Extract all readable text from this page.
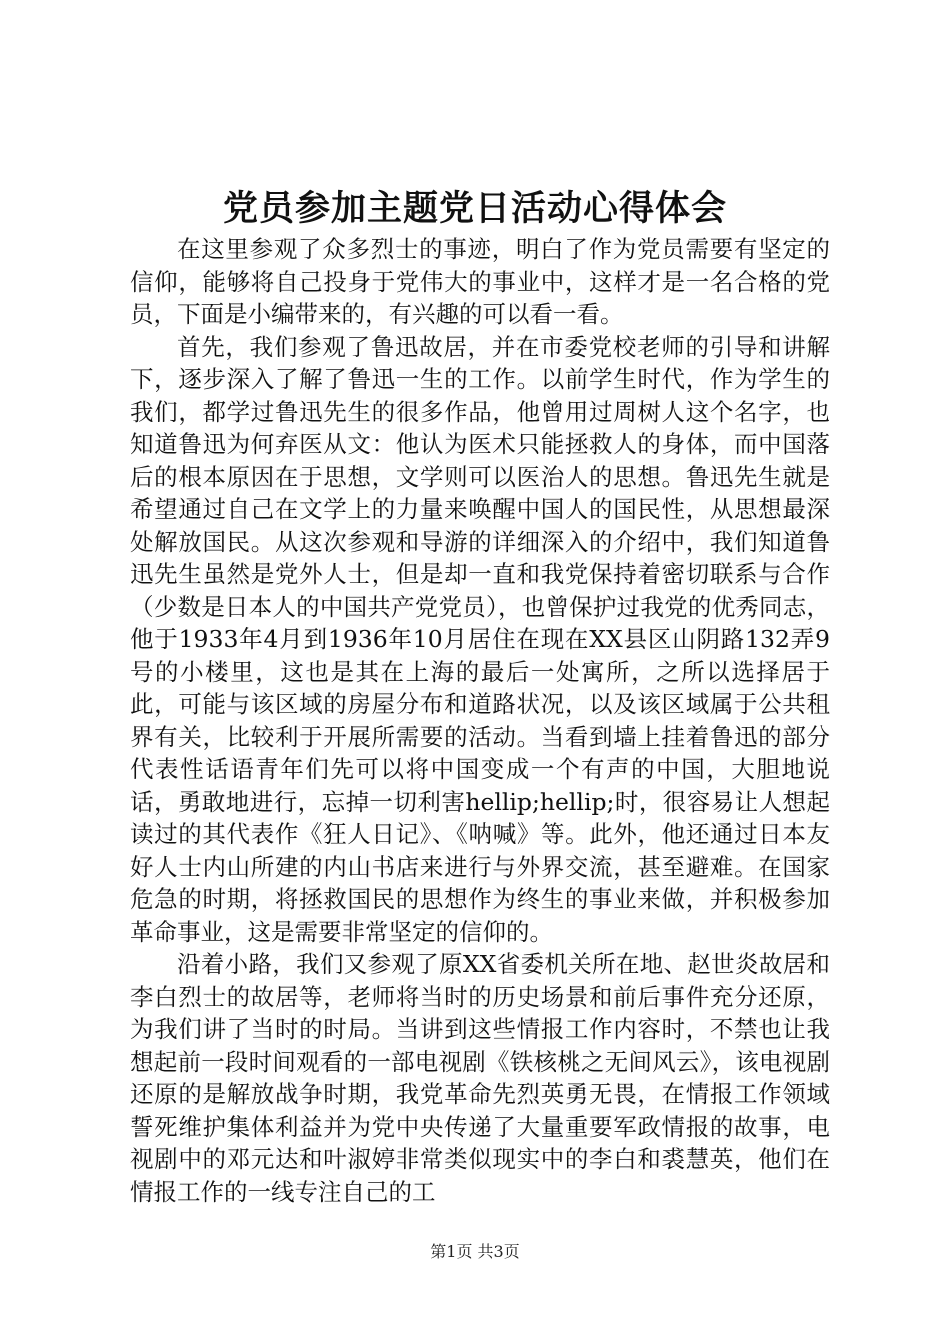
党员参加主题党日活动心得体会

在这里参观了众多烈士的事迹，明白了作为党员需要有坚定的信仰，能够将自己投身于党伟大的事业中，这样才是一名合格的党员，下面是小编带来的，有兴趣的可以看一看。

首先，我们参观了鲁迅故居，并在市委党校老师的引导和讲解下，逐步深入了解了鲁迅一生的工作。以前学生时代，作为学生的我们，都学过鲁迅先生的很多作品，他曾用过周树人这个名字，也知道鲁迅为何弃医从文：他认为医术只能拯救人的身体，而中国落后的根本原因在于思想，文学则可以医治人的思想。鲁迅先生就是希望通过自己在文学上的力量来唤醒中国人的国民性，从思想最深处解放国民。从这次参观和导游的详细深入的介绍中，我们知道鲁迅先生虽然是党外人士，但是却一直和我党保持着密切联系与合作（少数是日本人的中国共产党党员），也曾保护过我党的优秀同志，他于1933年4月到1936年10月居住在现在XX县区山阴路132弄9号的小楼里，这也是其在上海的最后一处寓所，之所以选择居于此，可能与该区域的房屋分布和道路状况，以及该区域属于公共租界有关，比较利于开展所需要的活动。当看到墙上挂着鲁迅的部分代表性话语青年们先可以将中国变成一个有声的中国，大胆地说话，勇敢地进行，忘掉一切利害hellip;hellip;时，很容易让人想起读过的其代表作《狂人日记》、《呐喊》等。此外，他还通过日本友好人士内山所建的内山书店来进行与外界交流，甚至避难。在国家危急的时期，将拯救国民的思想作为终生的事业来做，并积极参加革命事业，这是需要非常坚定的信仰的。

沿着小路，我们又参观了原XX省委机关所在地、赵世炎故居和李白烈士的故居等，老师将当时的历史场景和前后事件充分还原，为我们讲了当时的时局。当讲到这些情报工作内容时，不禁也让我想起前一段时间观看的一部电视剧《铁核桃之无间风云》，该电视剧还原的是解放战争时期，我党革命先烈英勇无畏，在情报工作领域誓死维护集体利益并为党中央传递了大量重要军政情报的故事，电视剧中的邓元达和叶淑婷非常类似现实中的李白和裘慧英，他们在情报工作的一线专注自己的工

第1页 共3页
